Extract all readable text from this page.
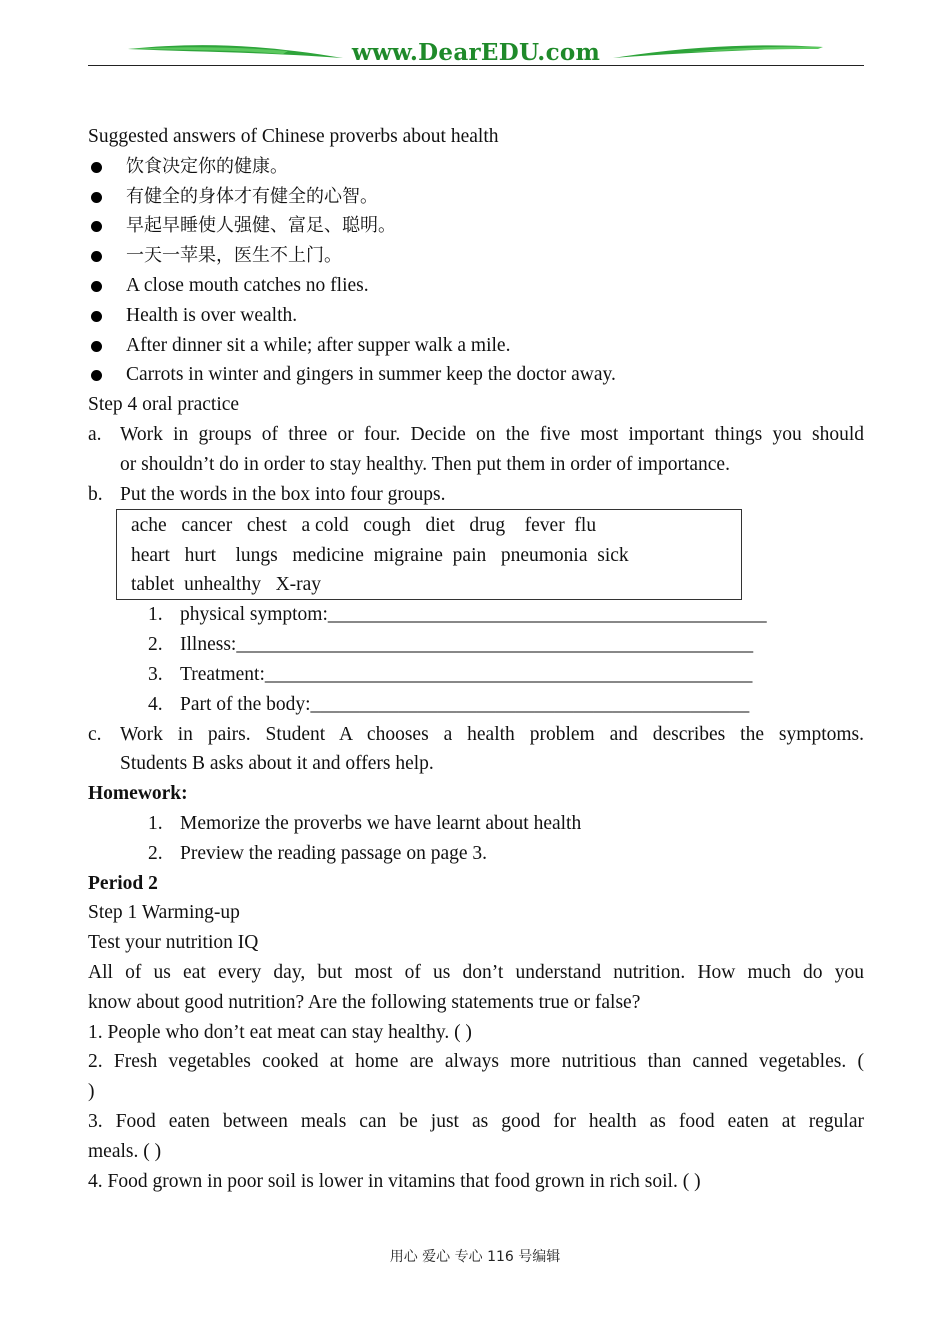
www.DearEDU.com
Suggested answers of Chinese proverbs about health
饮食决定你的健康。
有健全的身体才有健全的心智。
早起早睡使人强健、富足、聪明。
一天一苹果，医生不上门。
A close mouth catches no flies.
Health is over wealth.
After dinner sit a while; after supper walk a mile.
Carrots in winter and gingers in summer keep the doctor away.
Step 4 oral practice
a. Work in groups of three or four. Decide on the five most important things you should
or shouldn’t do in order to stay healthy. Then put them in order of importance.
b. Put the words in the box into four groups.
ache   cancer   chest   a cold   cough   diet   drug    fever  flu
heart   hurt    lungs   medicine  migraine  pain   pneumonia  sick
tablet  unhealthy   X-ray
1. physical symptom:_____________________________________________
2. Illness:_____________________________________________________
3. Treatment:__________________________________________________
4. Part of the body:_____________________________________________
c. Work in pairs. Student A chooses a health problem and describes the symptoms.
Students B asks about it and offers help.
Homework:
1. Memorize the proverbs we have learnt about health
2. Preview the reading passage on page 3.
Period 2
Step 1 Warming-up
Test your nutrition IQ
All of us eat every day, but most of us don’t understand nutrition. How much do you
know about good nutrition? Are the following statements true or false?
1. People who don’t eat meat can stay healthy. ( )
2. Fresh vegetables cooked at home are always more nutritious than canned vegetables. (
)
3. Food eaten between meals can be just as good for health as food eaten at regular
meals. ( )
4. Food grown in poor soil is lower in vitamins that food grown in rich soil. ( )
用心 爱心 专心 116 号编辑
